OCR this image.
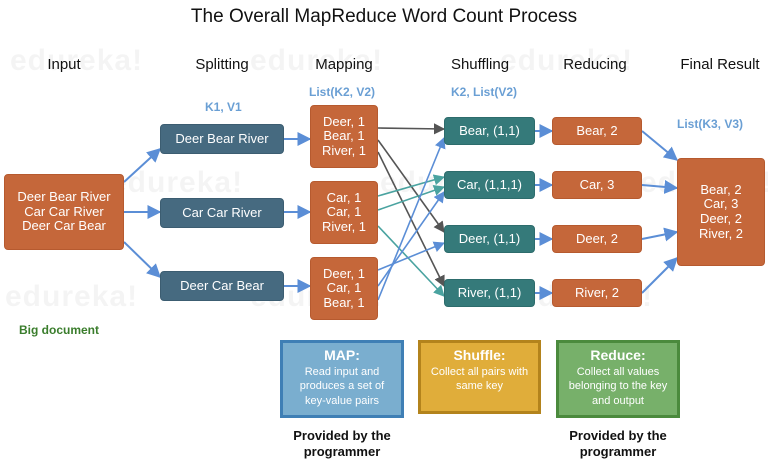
The Overall MapReduce Word Count Process
Input	Splitting	Mapping	Shuffling	Reducing	Final Result
K1, V1
List(K2, V2)	K2, List(V2)
List(K3, V3)
Deer Bear River
Car Car River
Deer Car Bear
Big document
Deer Bear River
Car Car River
Deer Car Bear
Deer, 1
Bear, 1
River, 1
Car, 1
Car, 1
River, 1
Deer, 1
Car, 1
Bear, 1
Bear, (1,1)
Car, (1,1,1)
Deer, (1,1)
River, (1,1)
Bear, 2
Car, 3
Deer, 2
River, 2
Bear, 2
Car, 3
Deer, 2
River, 2
MAP:
Read input and produces a set of key-value pairs
Shuffle:
Collect all pairs with same key
Reduce:
Collect all values belonging to the key and output
Provided by the programmer
Provided by the programmer
